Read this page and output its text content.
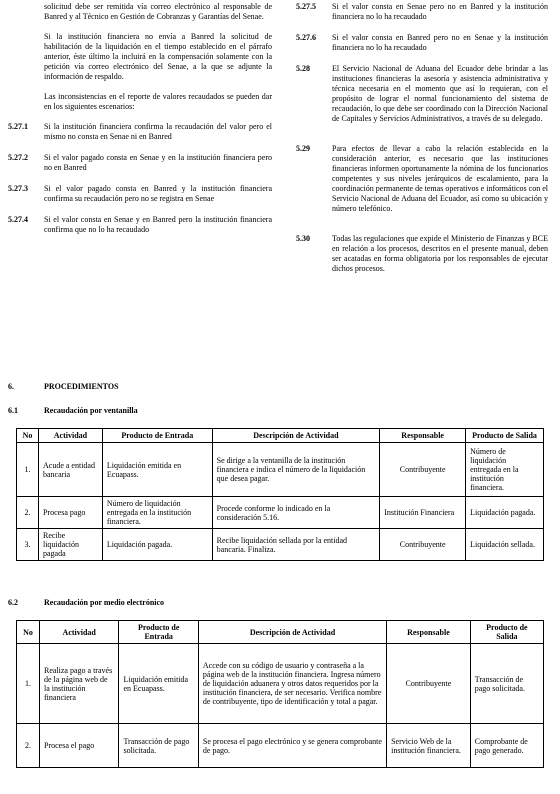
solicitud debe ser remitida vía correo electrónico al responsable de Banred y al Técnico en Gestión de Cobranzas y Garantías del Senae.

Si la institución financiera no envía a Banred la solicitud de habilitación de la liquidación en el tiempo establecido en el párrafo anterior, éste último la incluirá en la compensación solamente con la petición vía correo electrónico del Senae, a la que se adjunte la información de respaldo.

Las inconsistencias en el reporte de valores recaudados se pueden dar en los siguientes escenarios:

5.27.1	Si la institución financiera confirma la recaudación del valor pero el mismo no consta en Senae ni en Banred
5.27.2	Si el valor pagado consta en Senae y en la institución financiera pero no en Banred
5.27.3	Si el valor pagado consta en Banred y la institución financiera confirma su recaudación pero no se registra en Senae
5.27.4	Si el valor consta en Senae y en Banred pero la institución financiera confirma que no lo ha recaudado
5.27.5	Si el valor consta en Senae pero no en Banred y la institución financiera no lo ha recaudado
5.27.6	Si el valor consta en Banred pero no en Senae y la institución financiera no lo ha recaudado
5.28	El Servicio Nacional de Aduana del Ecuador debe brindar a las instituciones financieras la asesoría y asistencia administrativa y técnica necesaria en el momento que así lo requieran, con el propósito de lograr el normal funcionamiento del sistema de recaudación, lo que debe ser coordinado con la Dirección Nacional de Capitales y Servicios Administrativos, a través de su delegado.
5.29	Para efectos de llevar a cabo la relación establecida en la consideración anterior, es necesario que las instituciones financieras informen oportunamente la nómina de los funcionarios competentes y sus niveles jerárquicos de escalamiento, para la coordinación permanente de temas operativos e informáticos con el Servicio Nacional de Aduana del Ecuador, así como su ubicación y número telefónico.
5.30	Todas las regulaciones que expide el Ministerio de Finanzas y BCE en relación a los procesos, descritos en el presente manual, deben ser acatadas en forma obligatoria por los responsables de ejecutar dichos procesos.
6.	PROCEDIMIENTOS
6.1	Recaudación por ventanilla
No	Actividad	Producto de Entrada	Descripción de Actividad	Responsable	Producto de Salida
1.	Acude a entidad bancaria	Liquidación emitida en Ecuapass.	Se dirige a la ventanilla de la institución financiera e indica el número de la liquidación que desea pagar.	Contribuyente	Número de liquidación entregada en la institución financiera.
2.	Procesa pago	Número de liquidación entregada en la institución financiera.	Procede conforme lo indicado en la consideración 5.16.	Institución Financiera	Liquidación pagada.
3.	Recibe liquidación pagada	Liquidación pagada.	Recibe liquidación sellada por la entidad bancaria. Finaliza.	Contribuyente	Liquidación sellada.
6.2	Recaudación por medio electrónico
No	Actividad	Producto de Entrada	Descripción de Actividad	Responsable	Producto de Salida
1.	Realiza pago a través de la página web de la institución financiera	Liquidación emitida en Ecuapass.	Accede con su código de usuario y contraseña a la página web de la institución financiera. Ingresa número de liquidación aduanera y otros datos requeridos por la institución financiera, de ser necesario. Verifica nombre de contribuyente, tipo de identificación y total a pagar.	Contribuyente	Transacción de pago solicitada.
2.	Procesa el pago	Transacción de pago solicitada.	Se procesa el pago electrónico y se genera comprobante de pago.	Servicio Web de la institución financiera.	Comprobante de pago generado.
